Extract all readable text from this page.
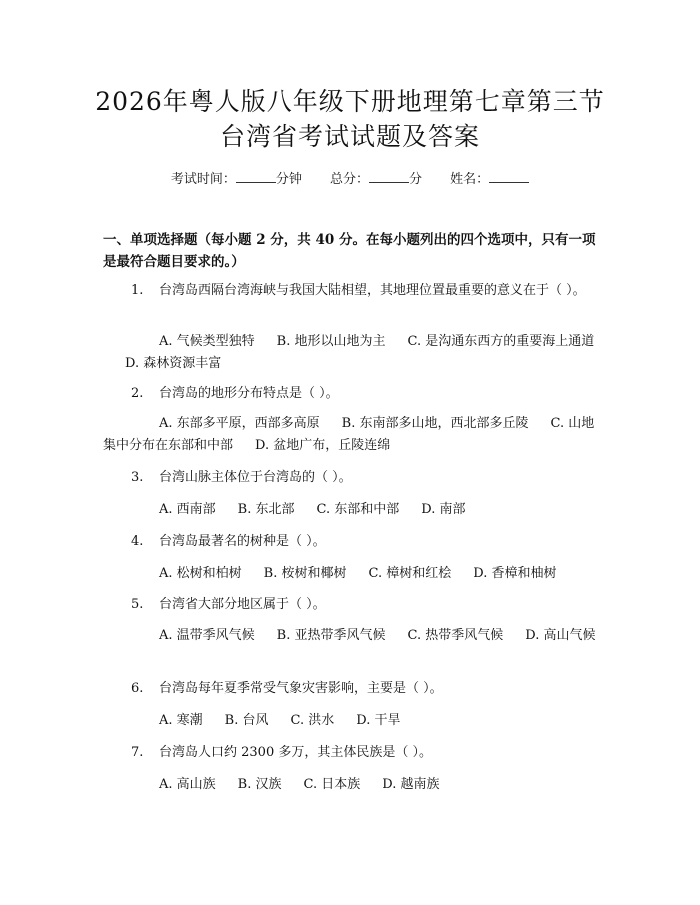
2026年粤人版八年级下册地理第七章第三节
台湾省考试试题及答案
考试时间：	分钟 总分：	分 姓名：
一、单项选择题（每小题 2 分，共 40 分。在每小题列出的四个选项中，只有一项是最符合题目要求的。）
1. 台湾岛西隔台湾海峡与我国大陆相望，其地理位置最重要的意义在于（ ）。
A. 气候类型独特 B. 地形以山地为主 C. 是沟通东西方的重要海上通道D. 森林资源丰富
2. 台湾岛的地形分布特点是（ ）。
A. 东部多平原，西部多高原 B. 东南部多山地，西北部多丘陵 C. 山地集中分布在东部和中部 D. 盆地广布，丘陵连绵
3. 台湾山脉主体位于台湾岛的（ ）。
A. 西南部 B. 东北部 C. 东部和中部 D. 南部
4. 台湾岛最著名的树种是（ ）。
A. 松树和柏树 B. 桉树和椰树 C. 樟树和红桧 D. 香樟和柚树
5. 台湾省大部分地区属于（ ）。
A. 温带季风气候 B. 亚热带季风气候 C. 热带季风气候 D. 高山气候
6. 台湾岛每年夏季常受气象灾害影响，主要是（ ）。
A. 寒潮 B. 台风 C. 洪水 D. 干旱
7. 台湾岛人口约 2300 多万，其主体民族是（ ）。
A. 高山族 B. 汉族 C. 日本族 D. 越南族
